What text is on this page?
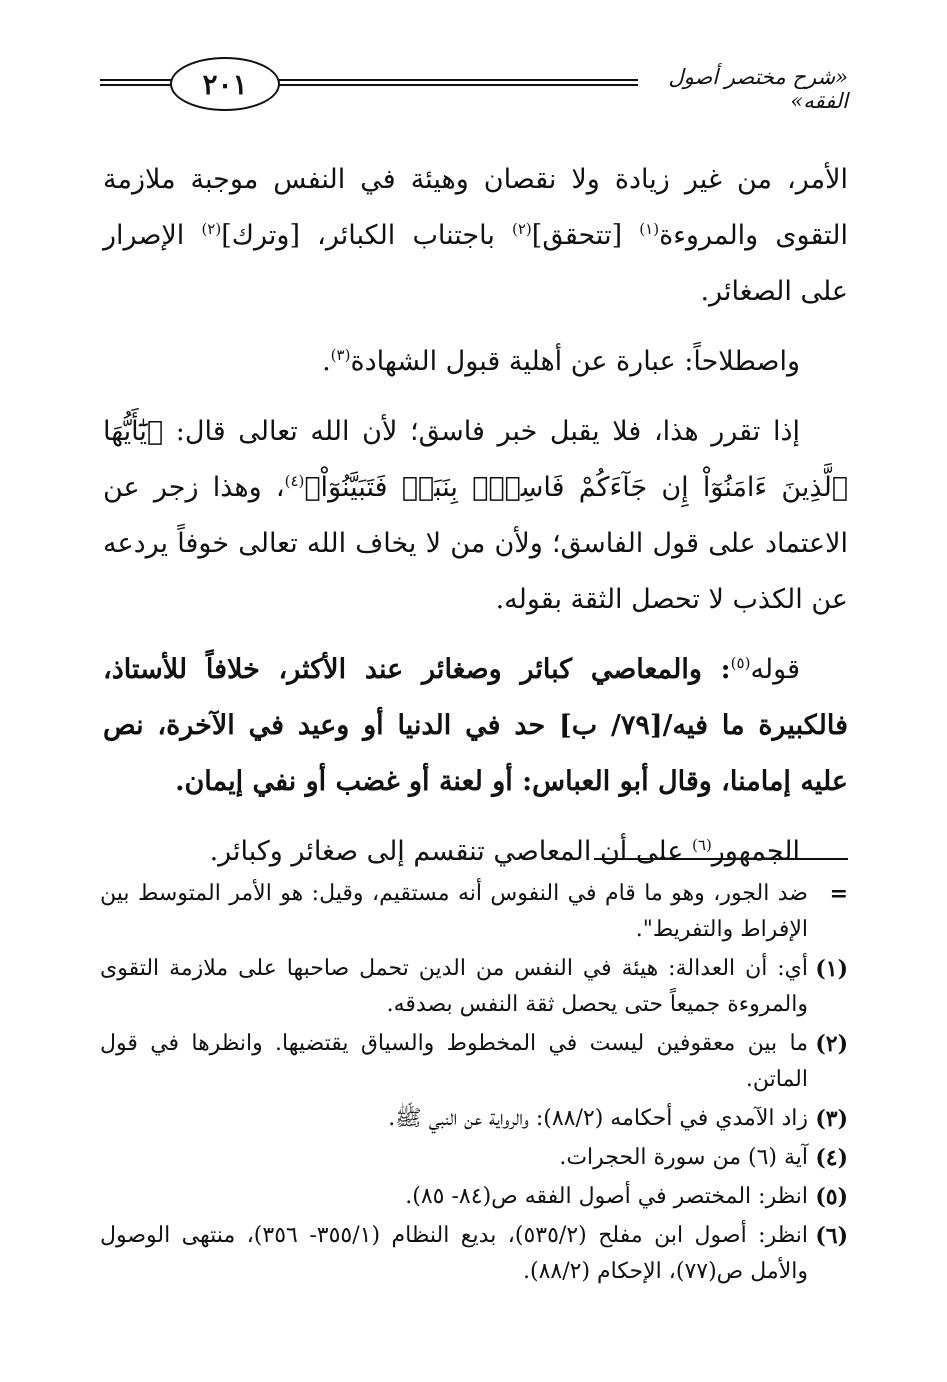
٢٠١	«شرح مختصر أصول الفقه»

الأمر، من غير زيادة ولا نقصان وهيئة في النفس موجبة ملازمة التقوى والمروءة$^{(١)}$ [تتحقق]$^{(٢)}$ باجتناب الكبائر، [وترك]$^{(٢)}$ الإصرار على الصغائر.

واصطلاحاً: عبارة عن أهلية قبول الشهادة$^{(٣)}$.

إذا تقرر هذا، فلا يقبل خبر فاسق؛ لأن الله تعالى قال: ﴿يَٰٓأَيُّهَا ٱلَّذِينَ ءَامَنُوٓاْ إِن جَآءَكُمْ فَاسِقُۢ بِنَبَإٖ فَتَبَيَّنُوٓاْ﴾$^{(٤)}$، وهذا زجر عن الاعتماد على قول الفاسق؛ ولأن من لا يخاف الله تعالى خوفاً يردعه عن الكذب لا تحصل الثقة بقوله.

قوله$^{(٥)}$: والمعاصي كبائر وصغائر عند الأكثر، خلافاً للأستاذ، فالكبيرة ما فيه/[٧٩/ ب] حد في الدنيا أو وعيد في الآخرة، نص عليه إمامنا، وقال أبو العباس: أو لعنة أو غضب أو نفي إيمان.

الجمهور$^{(٦)}$ على أن المعاصي تنقسم إلى صغائر وكبائر.

=
ضد الجور، وهو ما قام في النفوس أنه مستقيم، وقيل: هو الأمر المتوسط بين الإفراط والتفريط".
(١)
أي: أن العدالة: هيئة في النفس من الدين تحمل صاحبها على ملازمة التقوى والمروءة جميعاً حتى يحصل ثقة النفس بصدقه.
(٢)
ما بين معقوفين ليست في المخطوط والسياق يقتضيها. وانظرها في قول الماتن.
(٣)
زاد الآمدي في أحكامه (٨٨/٢): والرواية عن النبي ﷺ.
(٤)
آية (٦) من سورة الحجرات.
(٥)
انظر: المختصر في أصول الفقه ص(٨٤- ٨٥).
(٦)
انظر: أصول ابن مفلح (٥٣٥/٢)، بديع النظام (٣٥٥/١- ٣٥٦)، منتهى الوصول والأمل ص(٧٧)، الإحكام (٨٨/٢).
